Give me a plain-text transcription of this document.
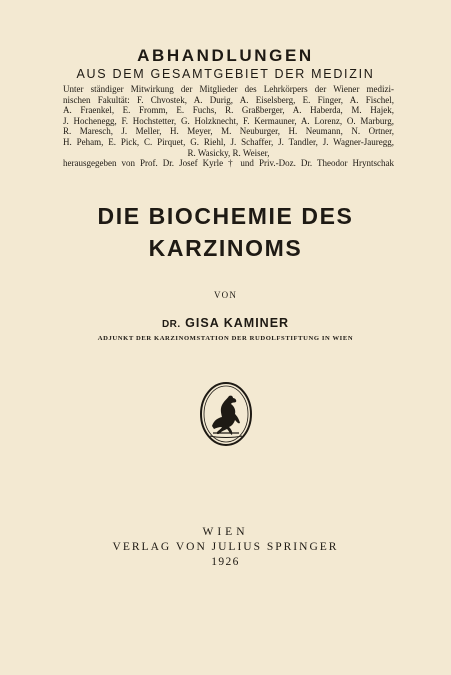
ABHANDLUNGEN
AUS DEM GESAMTGEBIET DER MEDIZIN
Unter ständiger Mitwirkung der Mitglieder des Lehrkörpers der Wiener medizi-
nischen Fakultät: F. Chvostek, A. Durig, A. Eiselsberg, E. Finger, A. Fischel,
A. Fraenkel, E. Fromm, E. Fuchs, R. Graßberger, A. Haberda, M. Hajek,
J. Hochenegg, F. Hochstetter, G. Holzknecht, F. Kermauner, A. Lorenz, O. Marburg,
R. Maresch, J. Meller, H. Meyer, M. Neuburger, H. Neumann, N. Ortner,
H. Peham, E. Pick, C. Pirquet, G. Riehl, J. Schaffer, J. Tandler, J. Wagner-Jauregg,
R. Wasicky, R. Weiser,
herausgegeben von Prof. Dr. Josef Kyrle † und Priv.-Doz. Dr. Theodor Hryntschak
DIE BIOCHEMIE DES
KARZINOMS
VON
DR. GISA KAMINER
ADJUNKT DER KARZINOMSTATION DER RUDOLFSTIFTUNG IN WIEN
WIEN
VERLAG VON JULIUS SPRINGER
1926
